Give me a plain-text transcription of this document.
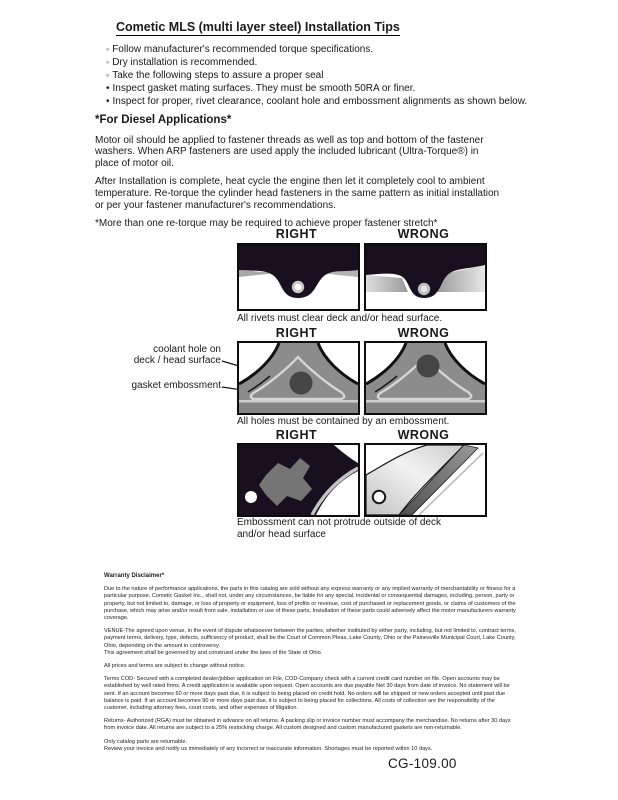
Cometic MLS (multi layer steel) Installation Tips
◦ Follow manufacturer's recommended torque specifications.
◦ Dry installation is recommended.
◦ Take the following steps to assure a proper seal
• Inspect gasket mating surfaces. They must be smooth 50RA or finer.
• Inspect for proper, rivet clearance, coolant hole and embossment alignments as shown below.
*For Diesel Applications*

Motor oil should be applied to fastener threads as well as top and bottom of the fastener washers. When ARP fasteners are used apply the included lubricant (Ultra-Torque®) in place of motor oil.

After Installation is complete, heat cycle the engine then let it completely cool to ambient temperature. Re-torque the cylinder head fasteners in the same pattern as initial installation or per your fastener manufacturer's recommendations.

*More than one re-torque may be required to achieve proper fastener stretch*

RIGHT	WRONG
All rivets must clear deck and/or head surface.
RIGHT	WRONG
coolant hole on
deck / head surface
gasket embossment
All holes must be contained by an embossment.
RIGHT	WRONG
Embossment can not protrude outside of deck
and/or head surface
Warranty Disclaimer*

Due to the nature of performance applications, the parts in this catalog are sold without any express warranty or any implied warranty of merchantability or fitness for a particular purpose. Cometic Gasket Inc., shall not, under any circumstances, be liable for any special, incidental or consequential damages, including, person, party or property, but not limited to, damage, or loss of property or equipment, loss of profits or revenue, cost of purchased or replacement goods, or claims of customers of the purchase, which may arise and/or result from sale, installation or use of these parts. Installation of these parts could adversely affect the motor manufacturers warranty coverage.

VENUE-The agreed upon venue, in the event of dispute whatsoever between the parties, whether instituted by either party, including, but not limited to, contract terms, payment terms, delivery, type, defects, sufficiency of product, shall be the Court of Common Pleas, Lake County, Ohio or the Painesville Municipal Court, Lake County, Ohio, depending on the amount in controversy.

This agreement shall be governed by and construed under the laws of the State of Ohio.

All prices and terms are subject to change without notice.

Terms COD- Secured with a completed dealer/jobber application on File, COD-Company check with a current credit card number on file. Open accounts may be established by well rated firms. A credit application is available upon request. Open accounts are due payable Net 30 days from date of invoice. No statement will be sent. If an account becomes 60 or more days past due, it is subject to being placed on credit hold. No orders will be shipped or new orders accepted until past due balance is paid. If an account becomes 90 or more days past due, it is subject to being placed for collections. All costs of collection are the responsibility of the customer, including attorney fees, court costs, and other expenses of litigation.

Returns- Authorized (RGA) must be obtained in advance on all returns. A packing slip or invoice number must accompany the merchandise. No returns after 30 days from invoice date. All returns are subject to a 25% restocking charge. All custom designed and custom manufactured gaskets are non-returnable.

Only catalog parts are returnable.

Review your invoice and notify us immediately of any incorrect or inaccurate information. Shortages must be reported within 10 days.

CG-109.00
